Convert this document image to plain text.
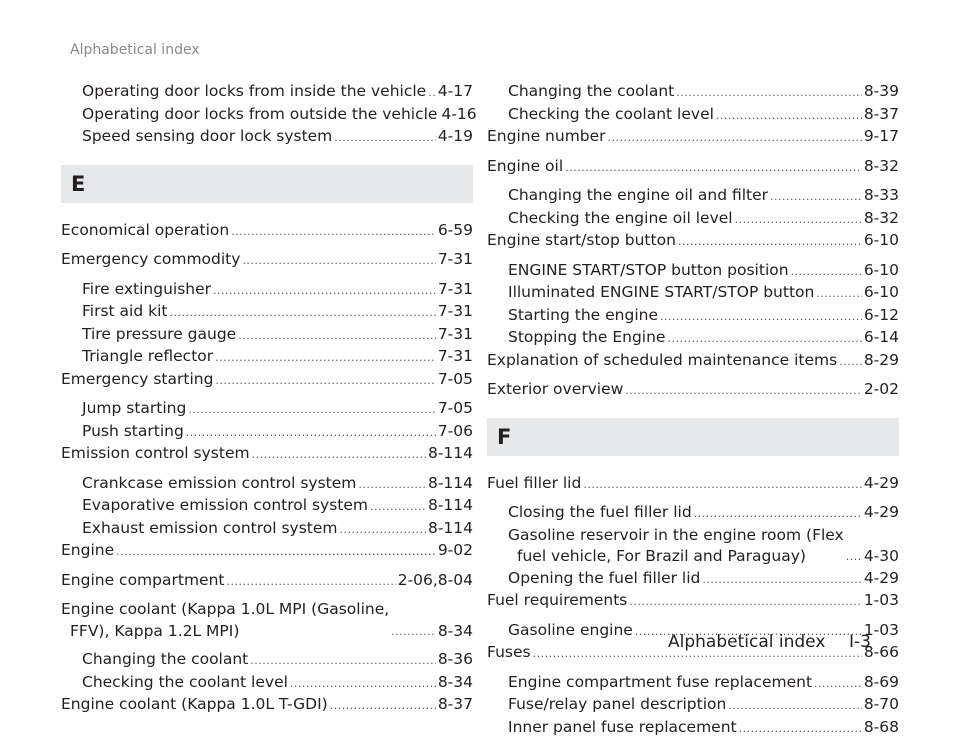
Alphabetical index
Operating door locks from inside the vehicle ..... 4-17
Operating door locks from outside the vehicle 4-16
Speed sensing door lock system .....	4-19
E
Economical operation .....	6-59
Emergency commodity .....	7-31
Fire extinguisher .....	7-31
First aid kit .....	7-31
Tire pressure gauge .....	7-31
Triangle reflector .....	7-31
Emergency starting .....	7-05
Jump starting .....	7-05
Push starting .....	7-06
Emission control system .....	8-114
Crankcase emission control system .....	8-114
Evaporative emission control system .....	8-114
Exhaust emission control system .....	8-114
Engine .....	9-02
Engine compartment .....	2-06,8-04
Engine coolant (Kappa 1.0L MPI (Gasoline,

FFV), Kappa 1.2L MPI) .....	8-34
Changing the coolant .....	8-36
Checking the coolant level .....	8-34
Engine coolant (Kappa 1.0L T-GDI) .....	8-37
Changing the coolant .....	8-39
Checking the coolant level .....	8-37
Engine number .....	9-17
Engine oil .....	8-32
Changing the engine oil and filter .....	8-33
Checking the engine oil level .....	8-32
Engine start/stop button .....	6-10
ENGINE START/STOP button position .....	6-10
Illuminated ENGINE START/STOP button .....	6-10
Starting the engine .....	6-12
Stopping the Engine .....	6-14
Explanation of scheduled maintenance items ..... 8-29
Exterior overview .....	2-02
F
Fuel filler lid .....	4-29
Closing the fuel filler lid .....	4-29
Gasoline reservoir in the engine room (Flex

fuel vehicle, For Brazil and Paraguay) .....	4-30
Opening the fuel filler lid .....	4-29
Fuel requirements .....	1-03
Gasoline engine .....	1-03
Fuses .....	8-66
Engine compartment fuse replacement .....	8-69
Fuse/relay panel description .....	8-70
Inner panel fuse replacement .....	8-68
Alphabetical index I-3
